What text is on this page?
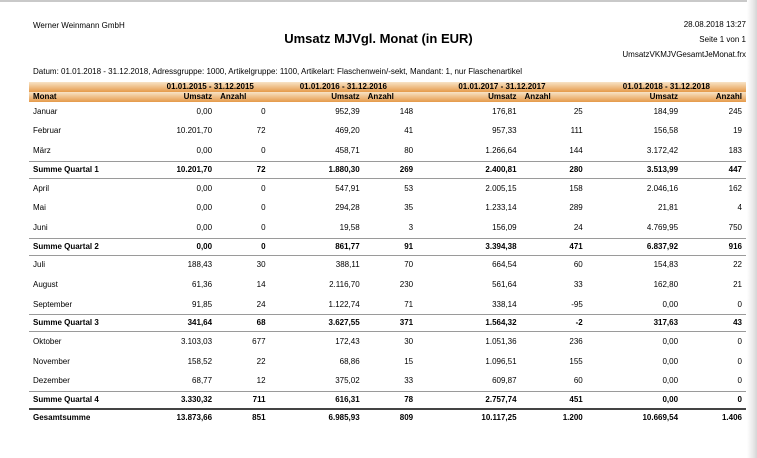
Werner Weinmann GmbH
Umsatz MJVgl. Monat (in EUR)
28.08.2018 13:27
Seite 1 von 1
UmsatzVKMJVGesamtJeMonat.frx
Datum: 01.01.2018 - 31.12.2018, Adressgruppe: 1000, Artikelgruppe: 1100, Artikelart: Flaschenwein/-sekt, Mandant: 1, nur Flaschenartikel
	01.01.2015 - 31.12.2015		01.01.2016 - 31.12.2016		01.01.2017 - 31.12.2017		01.01.2018 - 31.12.2018	
Monat	Umsatz	Anzahl	Umsatz	Anzahl	Umsatz	Anzahl	Umsatz	Anzahl
Januar	0,00	0	952,39	148	176,81	25	184,99	245
Februar	10.201,70	72	469,20	41	957,33	111	156,58	19
März	0,00	0	458,71	80	1.266,64	144	3.172,42	183
Summe Quartal 1	10.201,70	72	1.880,30	269	2.400,81	280	3.513,99	447
April	0,00	0	547,91	53	2.005,15	158	2.046,16	162
Mai	0,00	0	294,28	35	1.233,14	289	21,81	4
Juni	0,00	0	19,58	3	156,09	24	4.769,95	750
Summe Quartal 2	0,00	0	861,77	91	3.394,38	471	6.837,92	916
Juli	188,43	30	388,11	70	664,54	60	154,83	22
August	61,36	14	2.116,70	230	561,64	33	162,80	21
September	91,85	24	1.122,74	71	338,14	-95	0,00	0
Summe Quartal 3	341,64	68	3.627,55	371	1.564,32	-2	317,63	43
Oktober	3.103,03	677	172,43	30	1.051,36	236	0,00	0
November	158,52	22	68,86	15	1.096,51	155	0,00	0
Dezember	68,77	12	375,02	33	609,87	60	0,00	0
Summe Quartal 4	3.330,32	711	616,31	78	2.757,74	451	0,00	0
Gesamtsumme	13.873,66	851	6.985,93	809	10.117,25	1.200	10.669,54	1.406
